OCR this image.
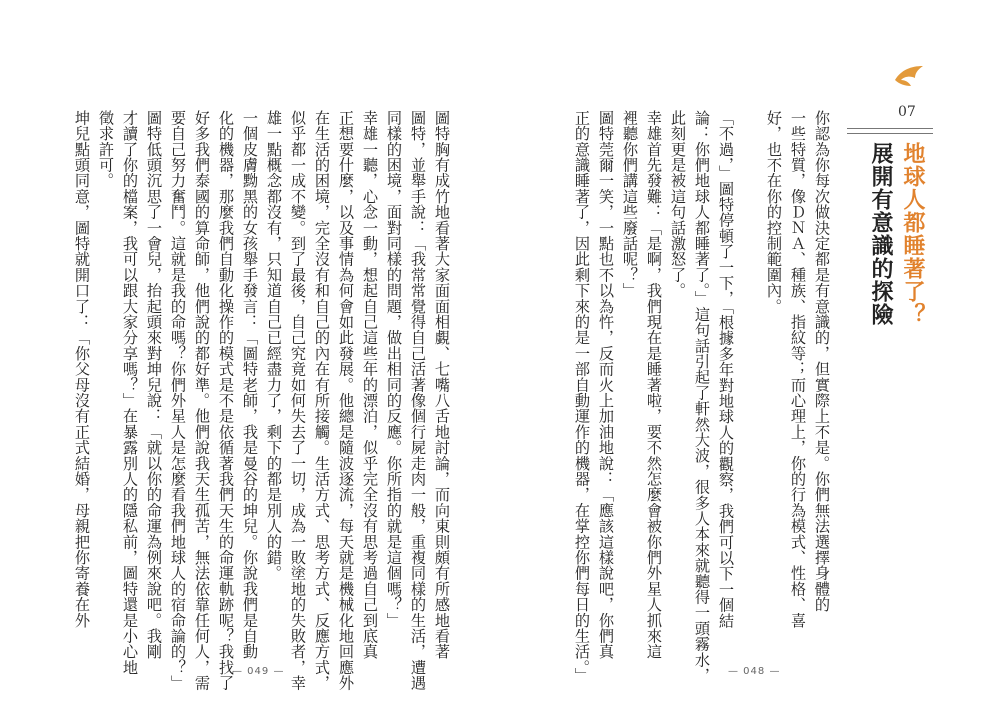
圖特胸有成竹地看著大家面面相覷、七嘴八舌地討論，而向東則頗有所感地看著
圖特，並舉手說：「我常常覺得自己活著像個行屍走肉一般，重複同樣的生活，遭遇
同樣的困境，面對同樣的問題，做出相同的反應。你所指的就是這個嗎？」
幸雄一聽，心念一動，想起自己這些年的漂泊，似乎完全沒有思考過自己到底真
正想要什麼，以及事情為何會如此發展。他總是隨波逐流，每天就是機械化地回應外
在生活的困境，完全沒有和自己的內在有所接觸。生活方式、思考方式、反應方式，
似乎都一成不變。到了最後，自己究竟如何失去了一切，成為一敗塗地的失敗者，幸
雄一點概念都沒有，只知道自己已經盡力了，剩下的都是別人的錯。
一個皮膚黝黑的女孩舉手發言：「圖特老師，我是曼谷的坤兒。你說我們是自動
化的機器，那麼我們自動化操作的模式是不是依循著我們天生的命運軌跡呢？我找了
好多我們泰國的算命師，他們說的都好準。他們說我天生孤苦，無法依靠任何人，需
要自己努力奮鬥。這就是我的命嗎？你們外星人是怎麼看我們地球人的宿命論的？」
圖特低頭沉思了一會兒，抬起頭來對坤兒說：「就以你的命運為例來說吧。我剛
才讀了你的檔案，我可以跟大家分享嗎？」在暴露別人的隱私前，圖特還是小心地
徵求許可。
坤兒點頭同意，圖特就開口了：「你父母沒有正式結婚，母親把你寄養在外
— 049 —
你認為你每次做決定都是有意識的，但實際上不是。你們無法選擇身體的
一些特質，像ＤＮＡ、種族、指紋等；而心理上，你的行為模式、性格、喜
好，也不在你的控制範圍內。
「不過，」圖特停頓了一下，「根據多年對地球人的觀察，我們可以下一個結
論：你們地球人都睡著了。」這句話引起了軒然大波，很多人本來就聽得一頭霧水，
此刻更是被這句話激怒了。
幸雄首先發難：「是啊，我們現在是睡著啦，要不然怎麼會被你們外星人抓來這
裡聽你們講這些廢話呢？」
圖特莞爾一笑，一點也不以為忤，反而火上加油地說：「應該這樣說吧，你們真
正的意識睡著了，因此剩下來的是一部自動運作的機器，在掌控你們每日的生活。」	— 048 —
07
地球人都睡著了？
展開有意識的探險
